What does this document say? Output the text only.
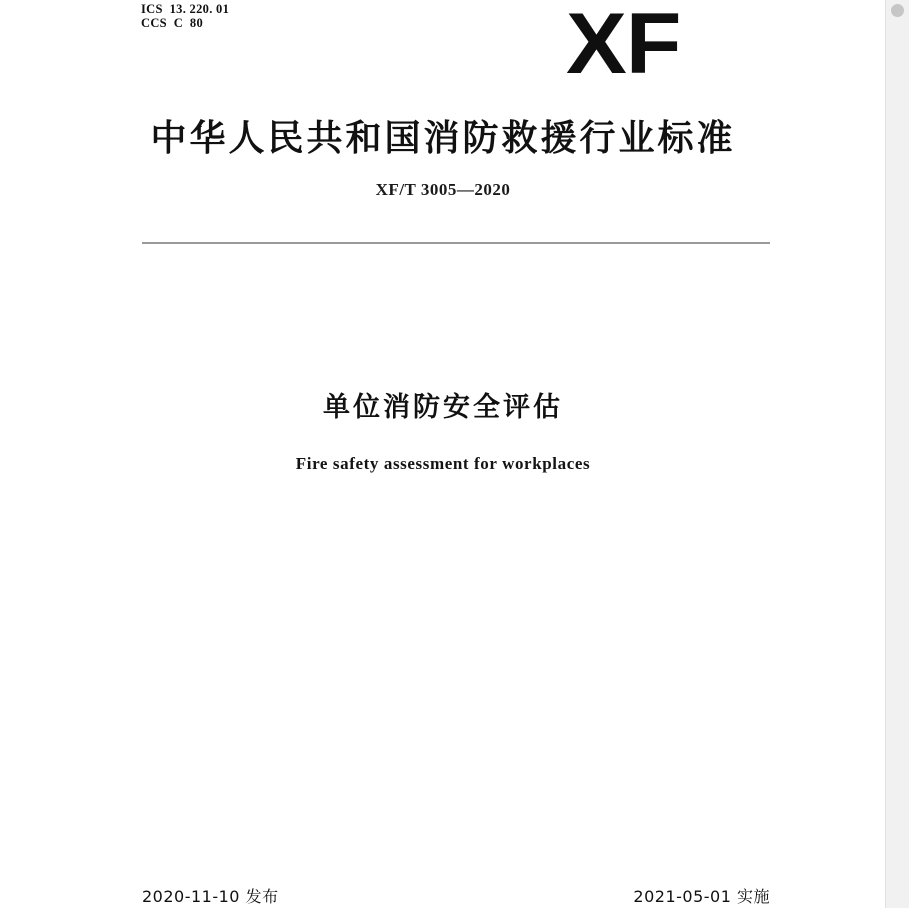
ICS  13. 220. 01
CCS  C  80	XF
中华人民共和国消防救援行业标准
XF/T 3005—2020
单位消防安全评估
Fire safety assessment for workplaces
2020-11-10 发布	2021-05-01 实施
